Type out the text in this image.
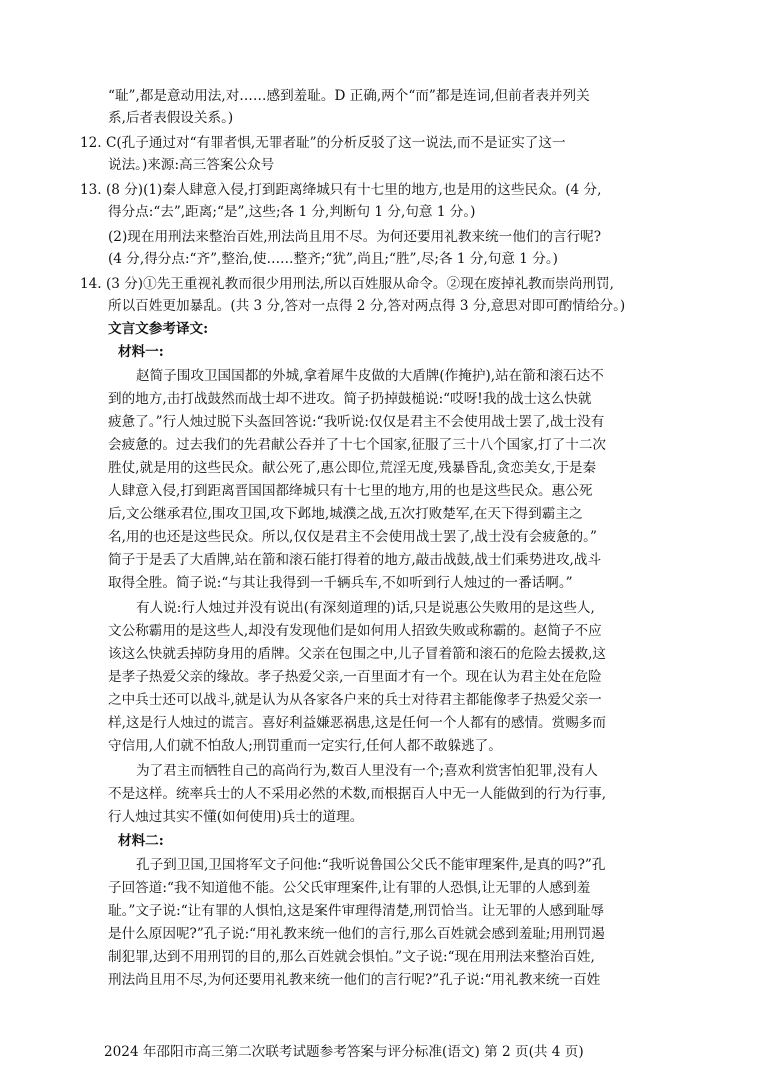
“耻”,都是意动用法,对……感到羞耻。D 正确,两个“而”都是连词,但前者表并列关
系,后者表假设关系。)
12. C(孔子通过对“有罪者惧,无罪者耻”的分析反驳了这一说法,而不是证实了这一
说法。)来源:高三答案公众号
13. (8 分)(1)秦人肆意入侵,打到距离绛城只有十七里的地方,也是用的这些民众。(4 分,
得分点:“去”,距离;“是”,这些;各 1 分,判断句 1 分,句意 1 分。)
(2)现在用刑法来整治百姓,刑法尚且用不尽。为何还要用礼教来统一他们的言行呢?
(4 分,得分点:“齐”,整治,使……整齐;“犹”,尚且;“胜”,尽;各 1 分,句意 1 分。)
14. (3 分)①先王重视礼教而很少用刑法,所以百姓服从命令。②现在废掉礼教而崇尚刑罚,
所以百姓更加暴乱。(共 3 分,答对一点得 2 分,答对两点得 3 分,意思对即可酌情给分。)
文言文参考译文:
材料一:
赵简子围攻卫国国都的外城,拿着犀牛皮做的大盾牌(作掩护),站在箭和滚石达不
到的地方,击打战鼓然而战士却不进攻。简子扔掉鼓槌说:“哎呀!我的战士这么快就
疲惫了。”行人烛过脱下头盔回答说:“我听说:仅仅是君主不会使用战士罢了,战士没有
会疲惫的。过去我们的先君献公吞并了十七个国家,征服了三十八个国家,打了十二次
胜仗,就是用的这些民众。献公死了,惠公即位,荒淫无度,残暴昏乱,贪恋美女,于是秦
人肆意入侵,打到距离晋国国都绛城只有十七里的地方,用的也是这些民众。惠公死
后,文公继承君位,围攻卫国,攻下邺地,城濮之战,五次打败楚军,在天下得到霸主之
名,用的也还是这些民众。所以,仅仅是君主不会使用战士罢了,战士没有会疲惫的。”
简子于是丢了大盾牌,站在箭和滚石能打得着的地方,敲击战鼓,战士们乘势进攻,战斗
取得全胜。简子说:“与其让我得到一千辆兵车,不如听到行人烛过的一番话啊。”
有人说:行人烛过并没有说出(有深刻道理的)话,只是说惠公失败用的是这些人,
文公称霸用的是这些人,却没有发现他们是如何用人招致失败或称霸的。赵简子不应
该这么快就丢掉防身用的盾牌。父亲在包围之中,儿子冒着箭和滚石的危险去援救,这
是孝子热爱父亲的缘故。孝子热爱父亲,一百里面才有一个。现在认为君主处在危险
之中兵士还可以战斗,就是认为从各家各户来的兵士对待君主都能像孝子热爱父亲一
样,这是行人烛过的谎言。喜好利益嫌恶祸患,这是任何一个人都有的感情。赏赐多而
守信用,人们就不怕敌人;刑罚重而一定实行,任何人都不敢躲逃了。
为了君主而牺牲自己的高尚行为,数百人里没有一个;喜欢利赏害怕犯罪,没有人
不是这样。统率兵士的人不采用必然的术数,而根据百人中无一人能做到的行为行事,
行人烛过其实不懂(如何使用)兵士的道理。
材料二:
孔子到卫国,卫国将军文子问他:“我听说鲁国公父氏不能审理案件,是真的吗?”孔
子回答道:“我不知道他不能。公父氏审理案件,让有罪的人恐惧,让无罪的人感到羞
耻。”文子说:“让有罪的人惧怕,这是案件审理得清楚,刑罚恰当。让无罪的人感到耻辱
是什么原因呢?”孔子说:“用礼教来统一他们的言行,那么百姓就会感到羞耻;用刑罚遏
制犯罪,达到不用刑罚的目的,那么百姓就会惧怕。”文子说:“现在用刑法来整治百姓,
刑法尚且用不尽,为何还要用礼教来统一他们的言行呢?”孔子说:“用礼教来统一百姓
2024 年邵阳市高三第二次联考试题参考答案与评分标准(语文) 第 2 页(共 4 页)
